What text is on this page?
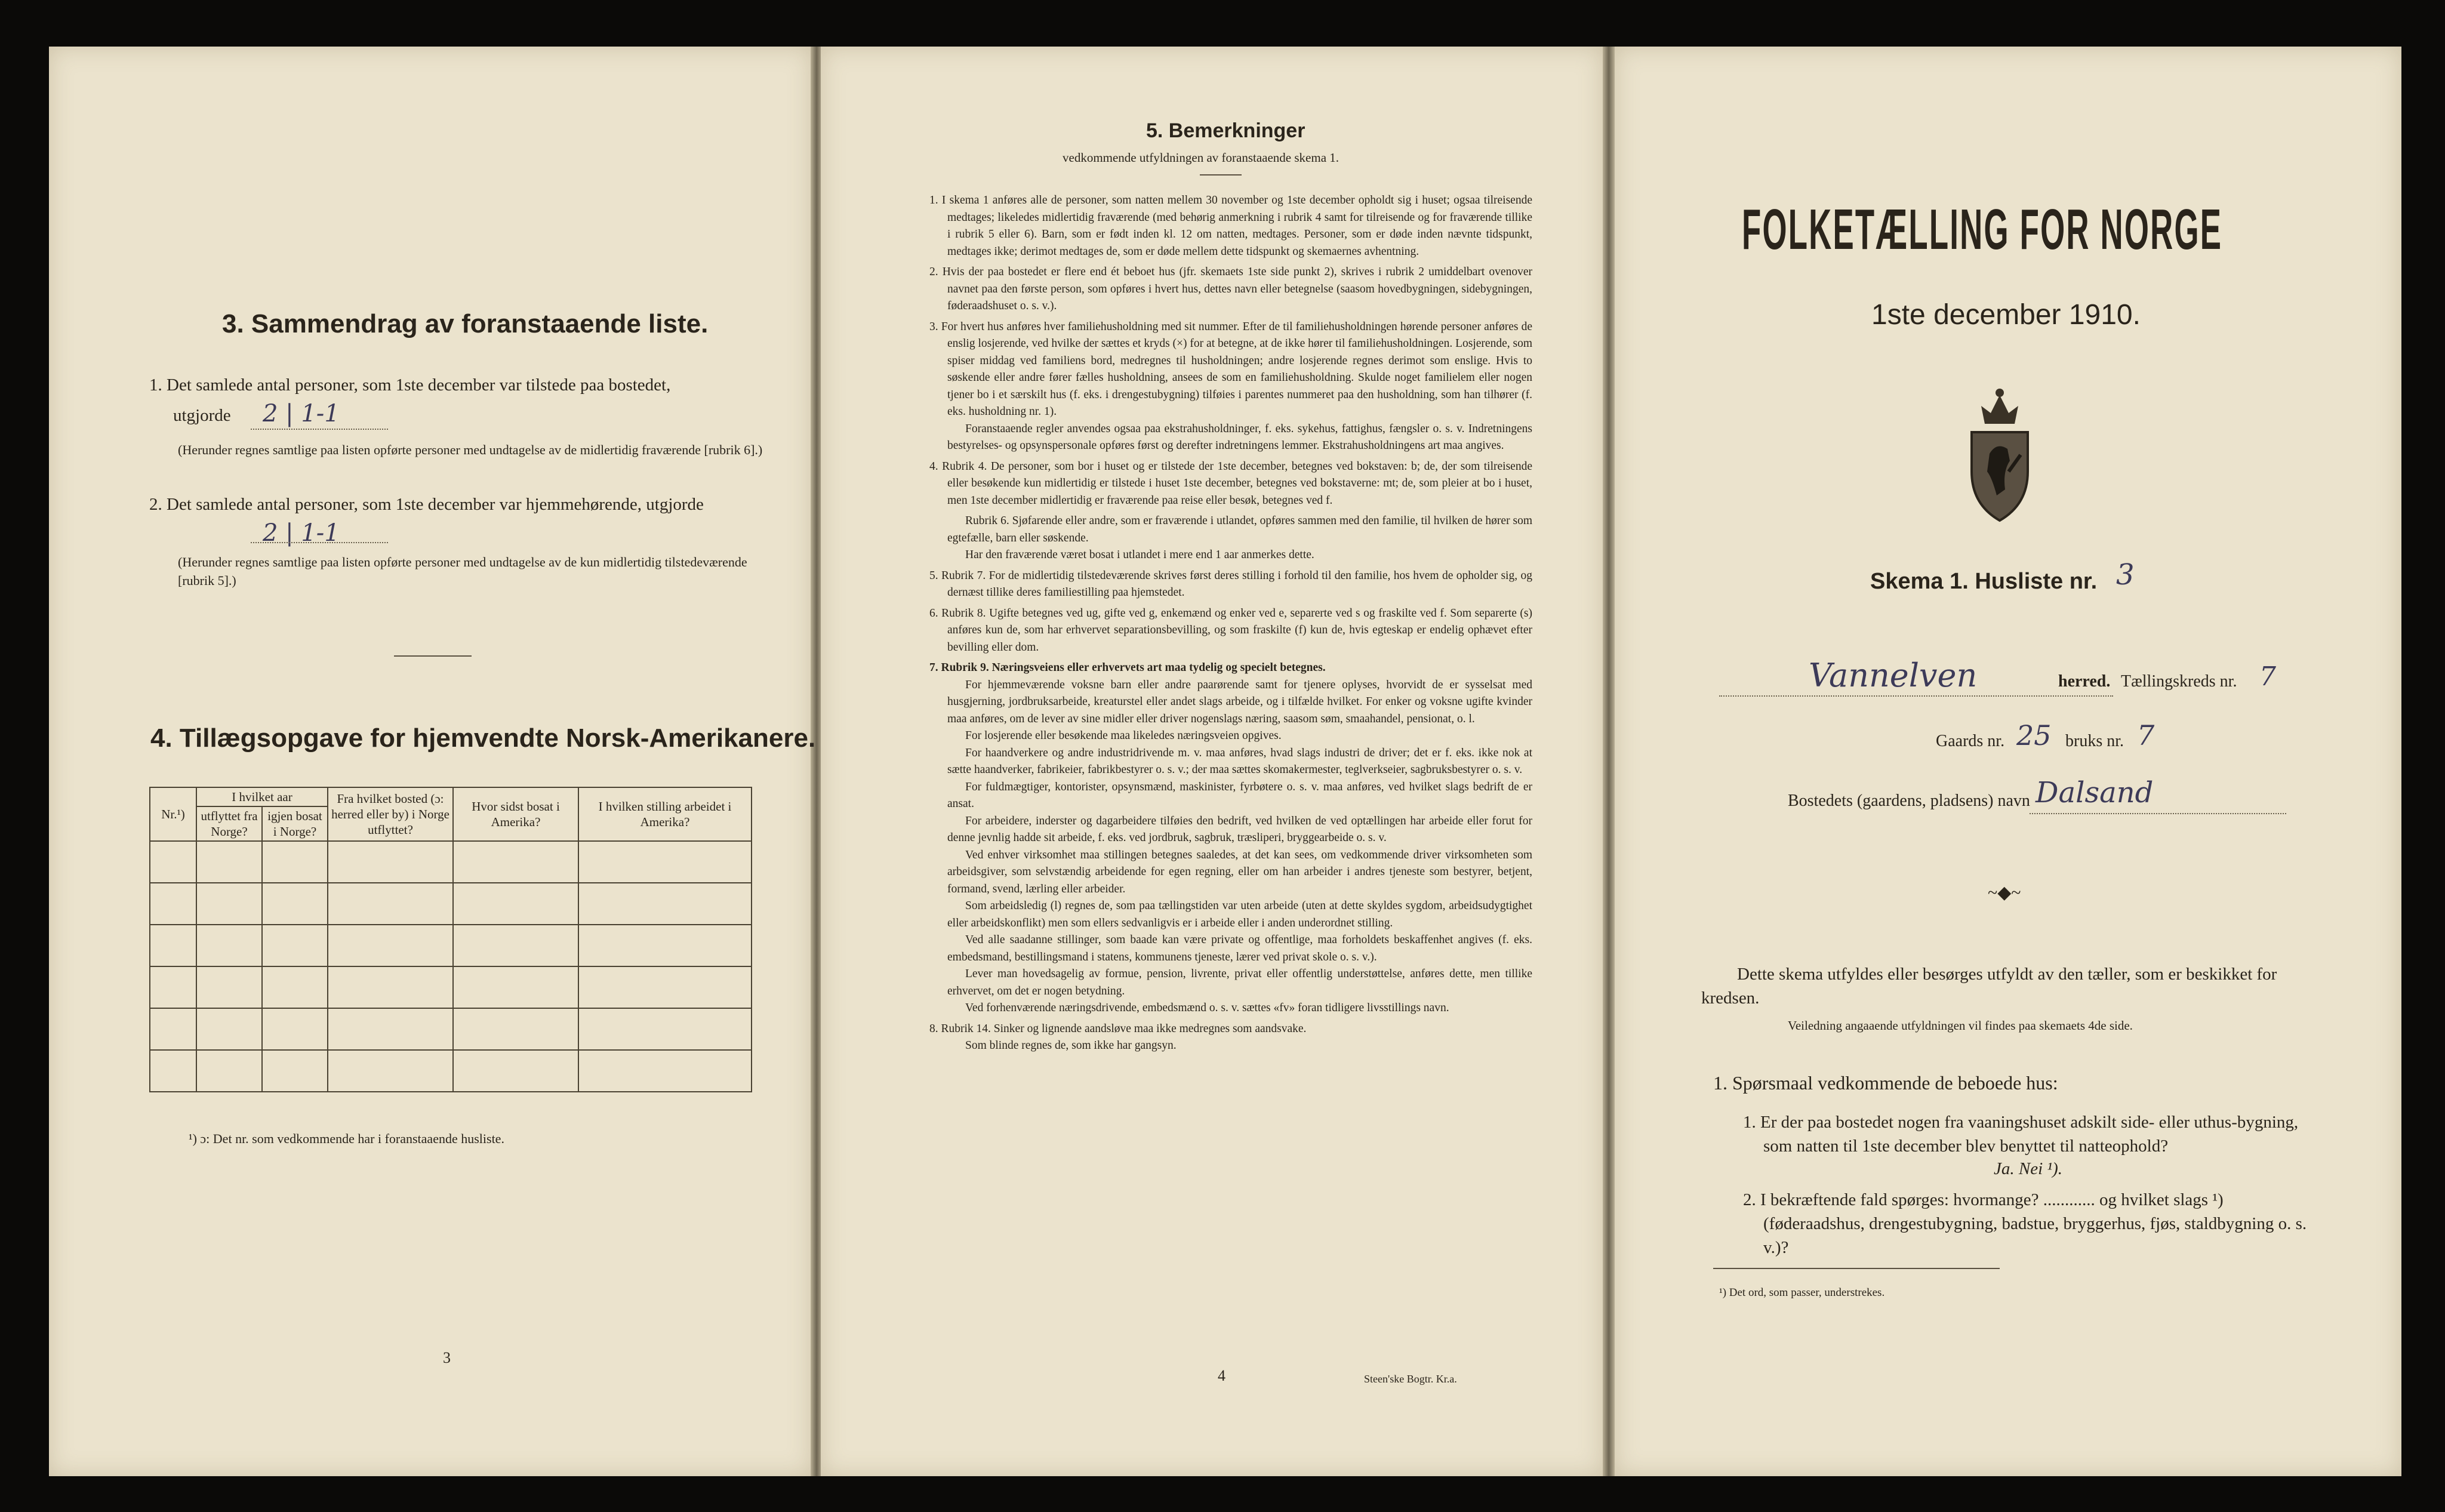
3. Sammendrag av foranstaaende liste.
1. Det samlede antal personer, som 1ste december var tilstede paa bostedet,
utgjorde 2 | 1-1
(Herunder regnes samtlige paa listen opførte personer med undtagelse av de midlertidig fraværende [rubrik 6].)
2. Det samlede antal personer, som 1ste december var hjemmehørende, utgjorde
2 | 1-1
(Herunder regnes samtlige paa listen opførte personer med undtagelse av de kun midlertidig tilstedeværende [rubrik 5].)
4. Tillægsopgave for hjemvendte Norsk-Amerikanere.
Nr.¹)	I hvilket aar		Fra hvilket bosted (ɔ: herred eller by) i Norge utflyttet?	Hvor sidst bosat i Amerika?	I hvilken stilling arbeidet i Amerika?
	utflyttet fra Norge?	igjen bosat i Norge?			

¹) ɔ: Det nr. som vedkommende har i foranstaaende husliste.
3
5. Bemerkninger
vedkommende utfyldningen av foranstaaende skema 1.

1. I skema 1 anføres alle de personer, som natten mellem 30 november og 1ste december opholdt sig i huset; ogsaa tilreisende medtages; likeledes midlertidig fraværende (med behørig anmerkning i rubrik 4 samt for tilreisende og for fraværende tillike i rubrik 5 eller 6). Barn, som er født inden kl. 12 om natten, medtages. Personer, som er døde inden nævnte tidspunkt, medtages ikke; derimot medtages de, som er døde mellem dette tidspunkt og skemaernes avhentning.

2. Hvis der paa bostedet er flere end ét beboet hus (jfr. skemaets 1ste side punkt 2), skrives i rubrik 2 umiddelbart ovenover navnet paa den første person, som opføres i hvert hus, dettes navn eller betegnelse (saasom hovedbygningen, sidebygningen, føderaadshuset o. s. v.).

3. For hvert hus anføres hver familiehusholdning med sit nummer. Efter de til familiehusholdningen hørende personer anføres de enslig losjerende, ved hvilke der sættes et kryds (×) for at betegne, at de ikke hører til familiehusholdningen. Losjerende, som spiser middag ved familiens bord, medregnes til husholdningen; andre losjerende regnes derimot som enslige. Hvis to søskende eller andre fører fælles husholdning, ansees de som en familiehusholdning. Skulde noget familielem eller nogen tjener bo i et særskilt hus (f. eks. i drengestubygning) tilføies i parentes nummeret paa den husholdning, som han tilhører (f. eks. husholdning nr. 1).

Foranstaaende regler anvendes ogsaa paa ekstrahusholdninger, f. eks. sykehus, fattighus, fængsler o. s. v. Indretningens bestyrelses- og opsynspersonale opføres først og derefter indretningens lemmer. Ekstrahusholdningens art maa angives.

4. Rubrik 4. De personer, som bor i huset og er tilstede der 1ste december, betegnes ved bokstaven: b; de, der som tilreisende eller besøkende kun midlertidig er tilstede i huset 1ste december, betegnes ved bokstaverne: mt; de, som pleier at bo i huset, men 1ste december midlertidig er fraværende paa reise eller besøk, betegnes ved f.

Rubrik 6. Sjøfarende eller andre, som er fraværende i utlandet, opføres sammen med den familie, til hvilken de hører som egtefælle, barn eller søskende.

Har den fraværende været bosat i utlandet i mere end 1 aar anmerkes dette.

5. Rubrik 7. For de midlertidig tilstedeværende skrives først deres stilling i forhold til den familie, hos hvem de opholder sig, og dernæst tillike deres familiestilling paa hjemstedet.

6. Rubrik 8. Ugifte betegnes ved ug, gifte ved g, enkemænd og enker ved e, separerte ved s og fraskilte ved f. Som separerte (s) anføres kun de, som har erhvervet separationsbevilling, og som fraskilte (f) kun de, hvis egteskap er endelig ophævet efter bevilling eller dom.

7. Rubrik 9. Næringsveiens eller erhvervets art maa tydelig og specielt betegnes.

For hjemmeværende voksne barn eller andre paarørende samt for tjenere oplyses, hvorvidt de er sysselsat med husgjerning, jordbruksarbeide, kreaturstel eller andet slags arbeide, og i tilfælde hvilket. For enker og voksne ugifte kvinder maa anføres, om de lever av sine midler eller driver nogenslags næring, saasom søm, smaahandel, pensionat, o. l.

For losjerende eller besøkende maa likeledes næringsveien opgives.

For haandverkere og andre industridrivende m. v. maa anføres, hvad slags industri de driver; det er f. eks. ikke nok at sætte haandverker, fabrikeier, fabrikbestyrer o. s. v.; der maa sættes skomakermester, teglverkseier, sagbruksbestyrer o. s. v.

For fuldmægtiger, kontorister, opsynsmænd, maskinister, fyrbøtere o. s. v. maa anføres, ved hvilket slags bedrift de er ansat.

For arbeidere, inderster og dagarbeidere tilføies den bedrift, ved hvilken de ved optællingen har arbeide eller forut for denne jevnlig hadde sit arbeide, f. eks. ved jordbruk, sagbruk, træsliperi, bryggearbeide o. s. v.

Ved enhver virksomhet maa stillingen betegnes saaledes, at det kan sees, om vedkommende driver virksomheten som arbeidsgiver, som selvstændig arbeidende for egen regning, eller om han arbeider i andres tjeneste som bestyrer, betjent, formand, svend, lærling eller arbeider.

Som arbeidsledig (l) regnes de, som paa tællingstiden var uten arbeide (uten at dette skyldes sygdom, arbeidsudygtighet eller arbeidskonflikt) men som ellers sedvanligvis er i arbeide eller i anden underordnet stilling.

Ved alle saadanne stillinger, som baade kan være private og offentlige, maa forholdets beskaffenhet angives (f. eks. embedsmand, bestillingsmand i statens, kommunens tjeneste, lærer ved privat skole o. s. v.).

Lever man hovedsagelig av formue, pension, livrente, privat eller offentlig understøttelse, anføres dette, men tillike erhvervet, om det er nogen betydning.

Ved forhenværende næringsdrivende, embedsmænd o. s. v. sættes «fv» foran tidligere livsstillings navn.

8. Rubrik 14. Sinker og lignende aandsløve maa ikke medregnes som aandsvake.

Som blinde regnes de, som ikke har gangsyn.

4	Steen'ske Bogtr. Kr.a.
FOLKETÆLLING FOR NORGE
1ste december 1910.
Skema 1. Husliste nr. 3
Vannelven	herred. Tællingskreds nr. 7
Gaards nr. 25 bruks nr. 7
Bostedets (gaardens, pladsens) navn Dalsand
~◆~
Dette skema utfyldes eller besørges utfyldt av den tæller, som er beskikket for kredsen.
Veiledning angaaende utfyldningen vil findes paa skemaets 4de side.
1. Spørsmaal vedkommende de beboede hus:
1. Er der paa bostedet nogen fra vaaningshuset adskilt side- eller uthus-bygning, som natten til 1ste december blev benyttet til natteophold?
Ja. Nei ¹).
2. I bekræftende fald spørges: hvormange? ............ og hvilket slags ¹) (føderaadshus, drengestubygning, badstue, bryggerhus, fjøs, staldbygning o. s. v.)?
¹) Det ord, som passer, understrekes.
